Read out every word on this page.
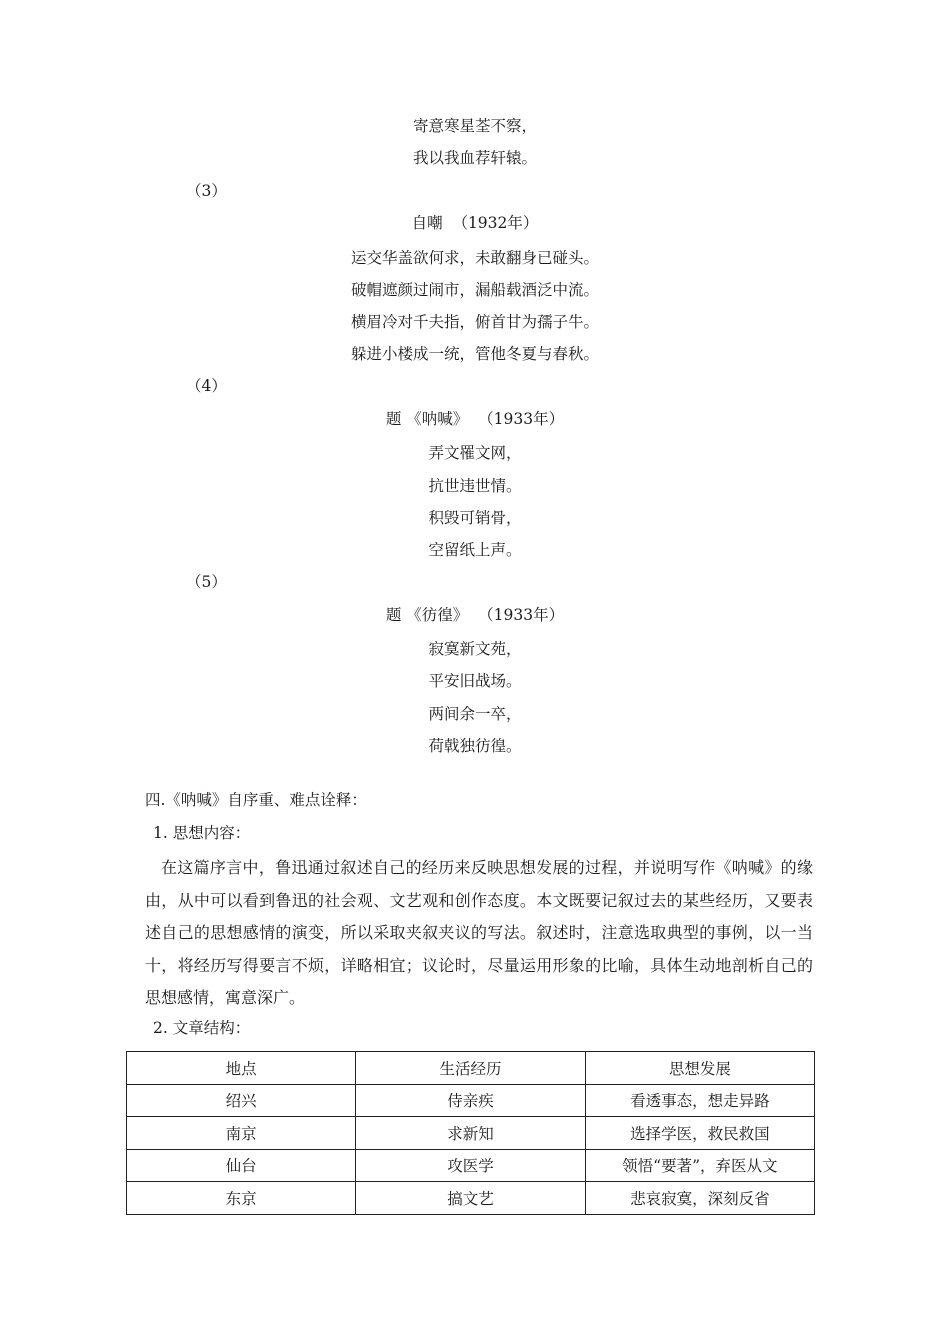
寄意寒星荃不察，
我以我血荐轩辕。
（3）
自嘲  （1932年）
运交华盖欲何求，未敢翻身已碰头。
破帽遮颜过闹市，漏船载酒泛中流。
横眉冷对千夫指，俯首甘为孺子牛。
躲进小楼成一统，管他冬夏与春秋。
（4）
题 《呐喊》  （1933年）
弄文罹文网，
抗世违世情。
积毁可销骨，
空留纸上声。
（5）
题 《彷徨》  （1933年）
寂寞新文苑，
平安旧战场。
两间余一卒，
荷戟独彷徨。
四.《呐喊》自序重、难点诠释：
1. 思想内容：
在这篇序言中，鲁迅通过叙述自己的经历来反映思想发展的过程，并说明写作《呐喊》的缘由，从中可以看到鲁迅的社会观、文艺观和创作态度。本文既要记叙过去的某些经历，又要表述自己的思想感情的演变，所以采取夹叙夹议的写法。叙述时，注意选取典型的事例，以一当十，将经历写得要言不烦，详略相宜；议论时，尽量运用形象的比喻，具体生动地剖析自己的思想感情，寓意深广。
2. 文章结构：
地点	生活经历	思想发展
绍兴	侍亲疾	看透事态，想走异路
南京	求新知	选择学医，救民救国
仙台	攻医学	领悟“要著”，弃医从文
东京	搞文艺	悲哀寂寞，深刻反省
